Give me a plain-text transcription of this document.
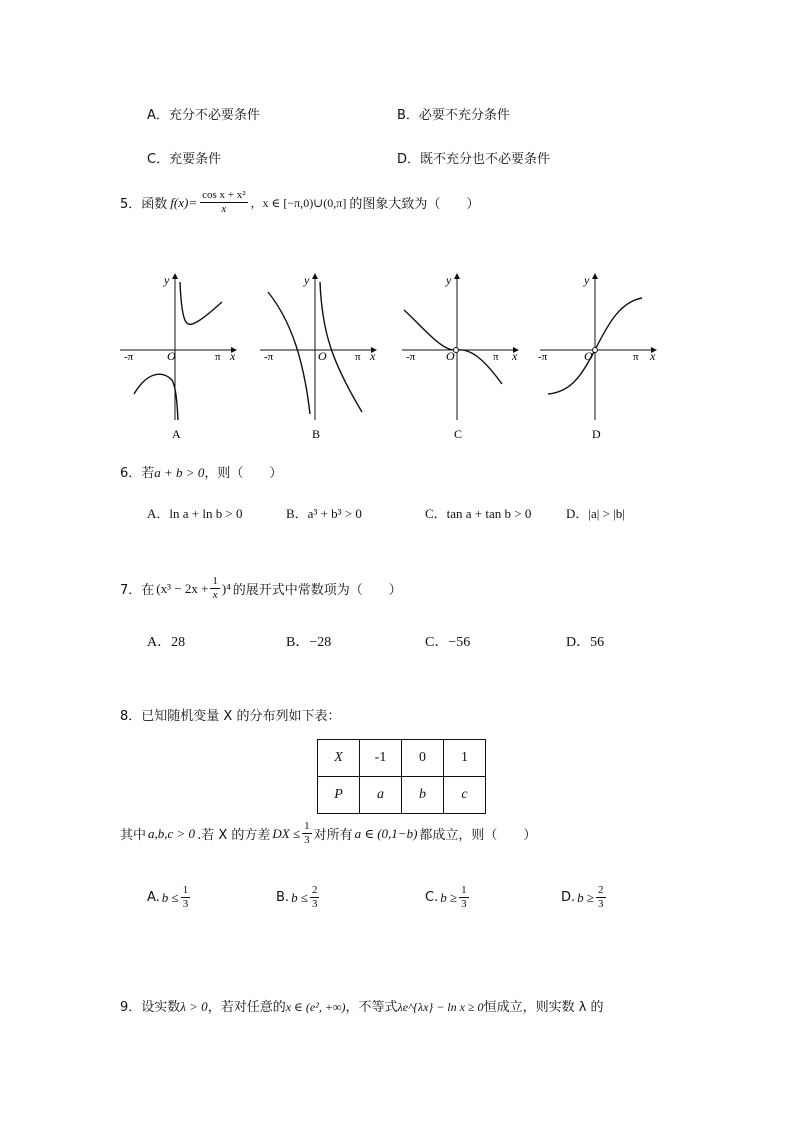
A．充分不必要条件	B．必要不充分条件
C．充要条件	D．既不充分也不必要条件
5．函数 $f(x)= \frac{\text{cos x + x²}}{x}$ ，x ∈ [−π,0)∪(0,π] 的图象大致为（　　）
y
x
O
-π	π
A
y
x
O
-π	π
B
y
x
O
-π	π
C
y
x
O
-π	π
D
6．若a + b > 0，则（　　）
A．ln a + ln b > 0	B．a³ + b³ > 0	C．tan a + tan b > 0	D．|a| > |b|
7．在 $(x^3 - 2x + \frac{1}{x} )^4$ 的展开式中常数项为（　　）
A．28	B．−28	C．−56	D．56
8．已知随机变量 X 的分布列如下表：
X	-1	0	1
P	a	b	c
其中 a,b,c > 0 .若 X 的方差 DX ≤ $\frac{1}{3}$ 对所有 a ∈ (0,1−b) 都成立，则（　　）
A. $b \le \frac{1}{3}$	B. $b \le \frac{2}{3}$	C. $b \ge \frac{1}{3}$	D. $b \ge \frac{2}{3}$
9．设实数λ > 0，若对任意的x ∈ (e², +∞)，不等式λe^{λx} − ln x ≥ 0恒成立，则实数 λ 的
